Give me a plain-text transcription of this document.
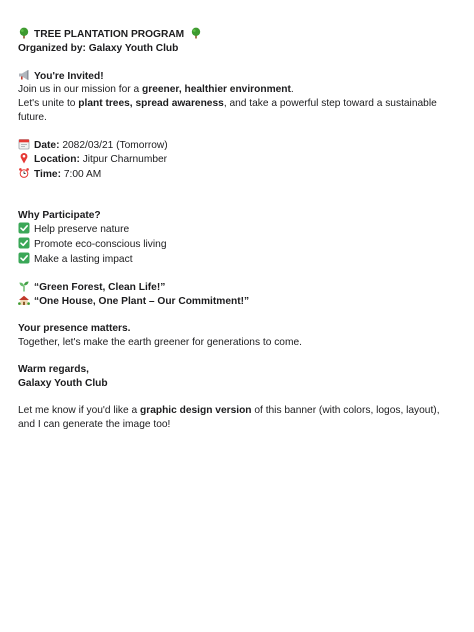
TREE PLANTATION PROGRAM
Organized by: Galaxy Youth Club
You're Invited!
Join us in our mission for a greener, healthier environment.
Let's unite to plant trees, spread awareness, and take a powerful step toward a sustainable future.
Date: 2082/03/21 (Tomorrow)
Location: Jitpur Charnumber
Time: 7:00 AM
Why Participate?
Help preserve nature
Promote eco-conscious living
Make a lasting impact
“Green Forest, Clean Life!”
“One House, One Plant – Our Commitment!”
Your presence matters.
Together, let's make the earth greener for generations to come.
Warm regards,
Galaxy Youth Club
Let me know if you'd like a graphic design version of this banner (with colors, logos, layout), and I can generate the image too!
